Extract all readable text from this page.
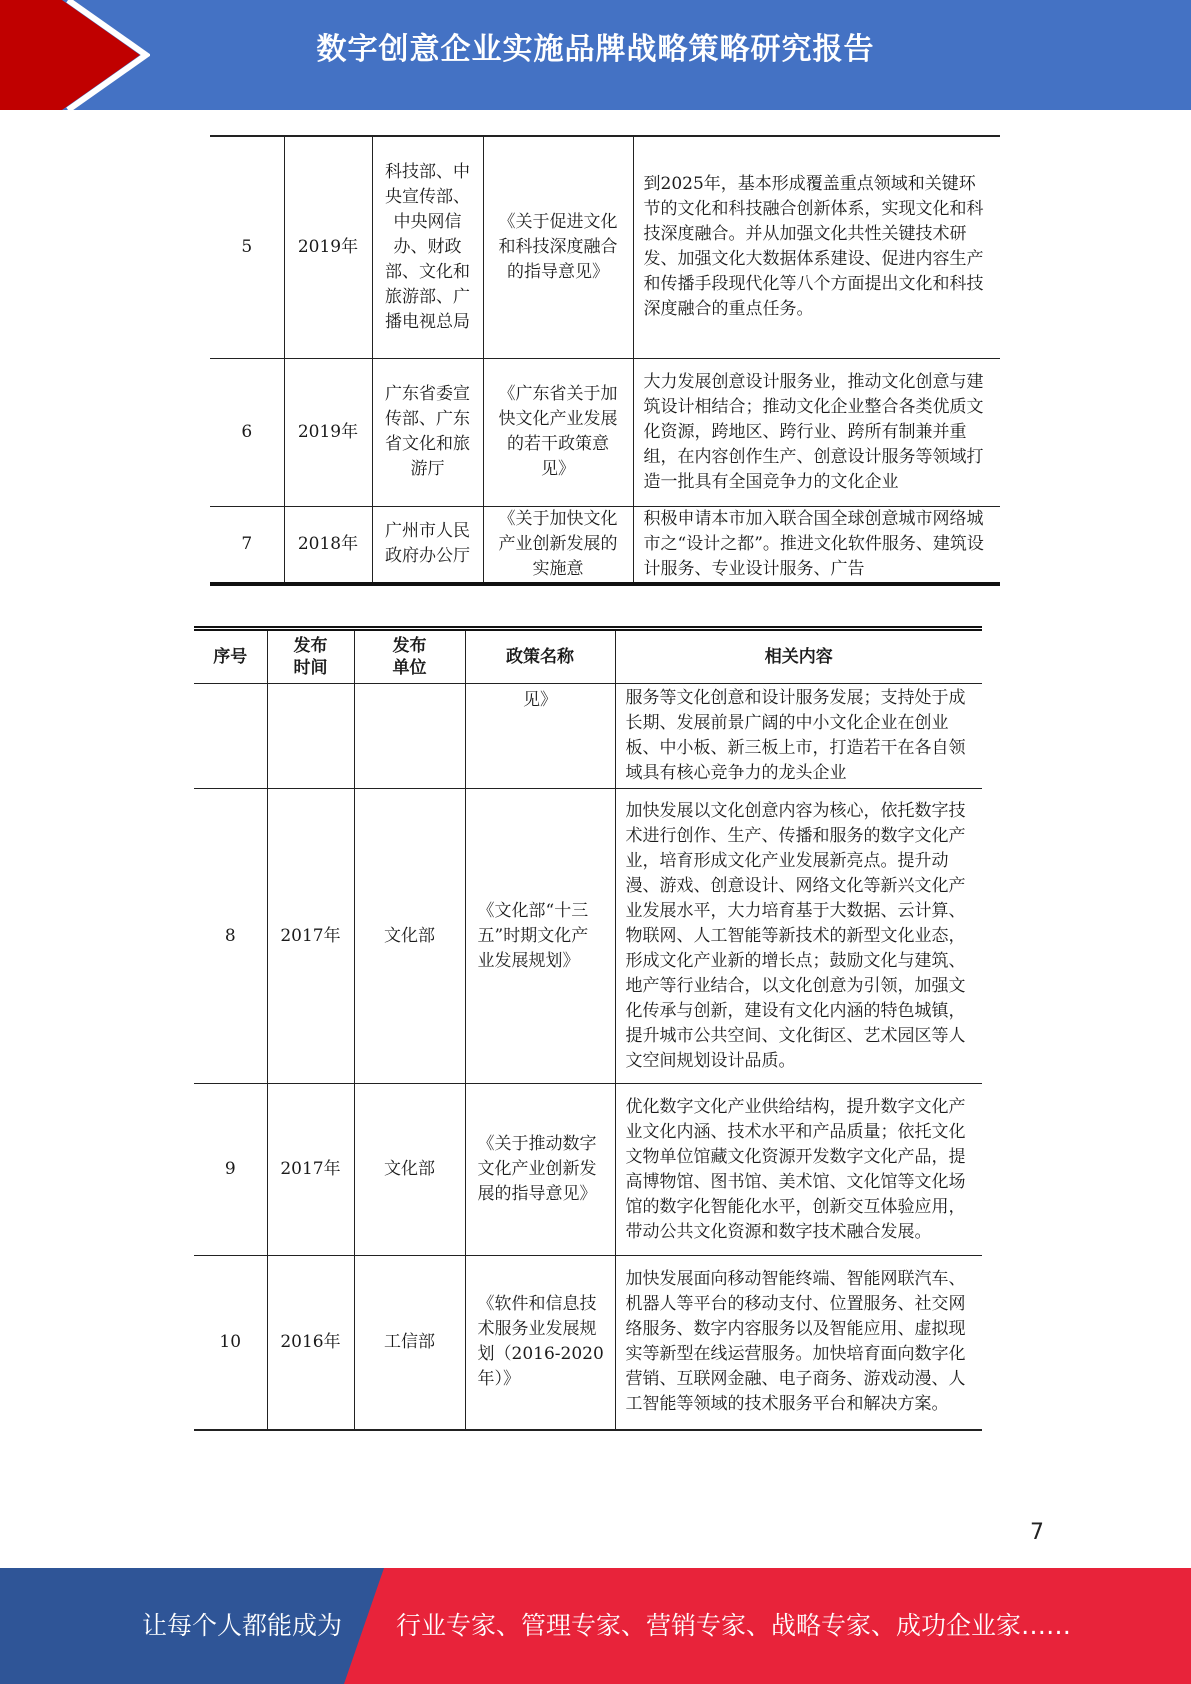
数字创意企业实施品牌战略策略研究报告
5	2019年	科技部、中央宣传部、中央网信办、财政部、文化和旅游部、广播电视总局	《关于促进文化和科技深度融合的指导意见》	到2025年，基本形成覆盖重点领域和关键环节的文化和科技融合创新体系，实现文化和科技深度融合。并从加强文化共性关键技术研发、加强文化大数据体系建设、促进内容生产和传播手段现代化等八个方面提出文化和科技深度融合的重点任务。
6	2019年	广东省委宣传部、广东省文化和旅游厅	《广东省关于加快文化产业发展的若干政策意见》	大力发展创意设计服务业，推动文化创意与建筑设计相结合；推动文化企业整合各类优质文化资源，跨地区、跨行业、跨所有制兼并重组，在内容创作生产、创意设计服务等领域打造一批具有全国竞争力的文化企业
7	2018年	广州市人民政府办公厅	《关于加快文化产业创新发展的实施意	积极申请本市加入联合国全球创意城市网络城市之“设计之都”。推进文化软件服务、建筑设计服务、专业设计服务、广告
序号	发布时间	发布单位	政策名称	相关内容
			见》	服务等文化创意和设计服务发展；支持处于成长期、发展前景广阔的中小文化企业在创业板、中小板、新三板上市，打造若干在各自领域具有核心竞争力的龙头企业
8	2017年	文化部	《文化部“十三五”时期文化产业发展规划》	加快发展以文化创意内容为核心，依托数字技术进行创作、生产、传播和服务的数字文化产业，培育形成文化产业发展新亮点。提升动漫、游戏、创意设计、网络文化等新兴文化产业发展水平，大力培育基于大数据、云计算、物联网、人工智能等新技术的新型文化业态，形成文化产业新的增长点；鼓励文化与建筑、地产等行业结合，以文化创意为引领，加强文化传承与创新，建设有文化内涵的特色城镇，提升城市公共空间、文化街区、艺术园区等人文空间规划设计品质。
9	2017年	文化部	《关于推动数字文化产业创新发展的指导意见》	优化数字文化产业供给结构，提升数字文化产业文化内涵、技术水平和产品质量；依托文化文物单位馆藏文化资源开发数字文化产品，提高博物馆、图书馆、美术馆、文化馆等文化场馆的数字化智能化水平，创新交互体验应用，带动公共文化资源和数字技术融合发展。
10	2016年	工信部	《软件和信息技术服务业发展规划（2016-2020年）》	加快发展面向移动智能终端、智能网联汽车、机器人等平台的移动支付、位置服务、社交网络服务、数字内容服务以及智能应用、虚拟现实等新型在线运营服务。加快培育面向数字化营销、互联网金融、电子商务、游戏动漫、人工智能等领域的技术服务平台和解决方案。
7
让每个人都能成为 行业专家、管理专家、营销专家、战略专家、成功企业家……
